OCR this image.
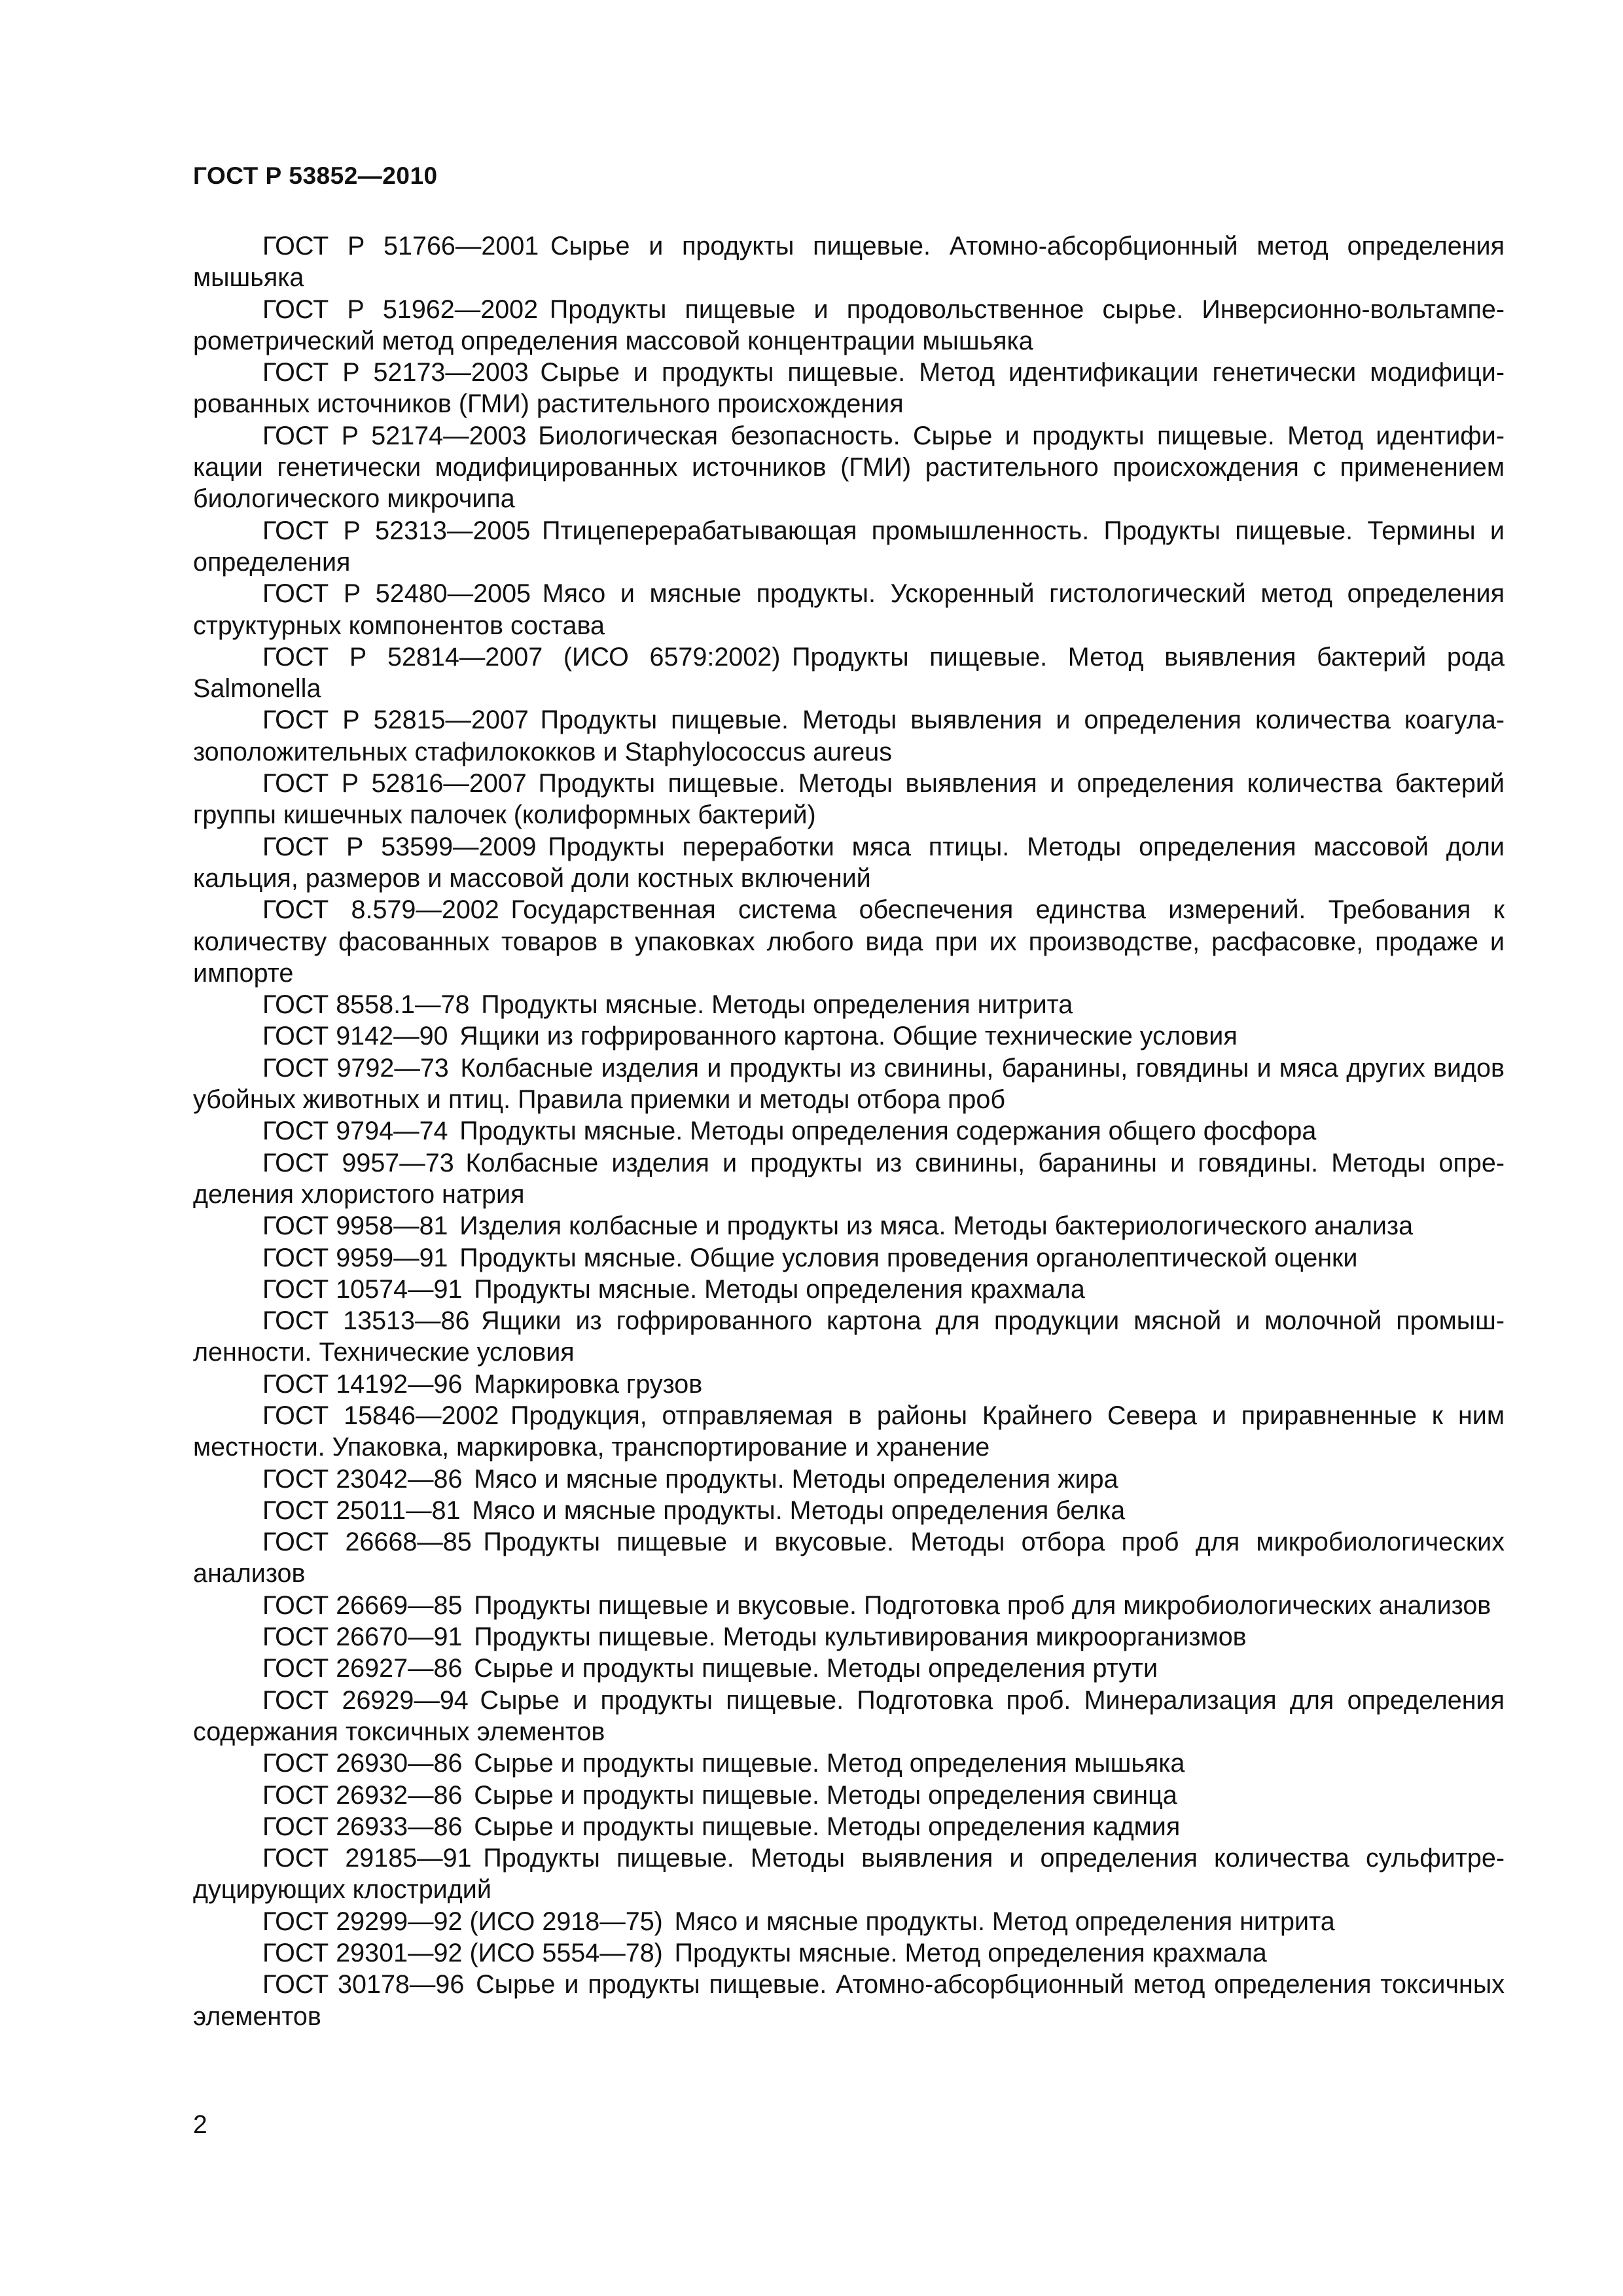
ГОСТ Р 53852—2010
ГОСТ Р 51766—2001 Сырье и продукты пищевые. Атомно-абсорбционный метод определения мышьяка
ГОСТ Р 51962—2002 Продукты пищевые и продовольственное сырье. Инверсионно-вольтамперометрический метод определения массовой концентрации мышьяка
ГОСТ Р 52173—2003 Сырье и продукты пищевые. Метод идентификации генетически модифицированных источников (ГМИ) растительного происхождения
ГОСТ Р 52174—2003 Биологическая безопасность. Сырье и продукты пищевые. Метод идентификации генетически модифицированных источников (ГМИ) растительного происхождения с применением биологического микрочипа
ГОСТ Р 52313—2005 Птицеперерабатывающая промышленность. Продукты пищевые. Термины и определения
ГОСТ Р 52480—2005 Мясо и мясные продукты. Ускоренный гистологический метод определения структурных компонентов состава
ГОСТ Р 52814—2007 (ИСО 6579:2002) Продукты пищевые. Метод выявления бактерий рода Salmonella
ГОСТ Р 52815—2007 Продукты пищевые. Методы выявления и определения количества коагулазоположительных стафилококков и Staphylococcus aureus
ГОСТ Р 52816—2007 Продукты пищевые. Методы выявления и определения количества бактерий группы кишечных палочек (колиформных бактерий)
ГОСТ Р 53599—2009 Продукты переработки мяса птицы. Методы определения массовой доли кальция, размеров и массовой доли костных включений
ГОСТ 8.579—2002 Государственная система обеспечения единства измерений. Требования к количеству фасованных товаров в упаковках любого вида при их производстве, расфасовке, продаже и импорте
ГОСТ 8558.1—78 Продукты мясные. Методы определения нитрита
ГОСТ 9142—90 Ящики из гофрированного картона. Общие технические условия
ГОСТ 9792—73 Колбасные изделия и продукты из свинины, баранины, говядины и мяса других видов убойных животных и птиц. Правила приемки и методы отбора проб
ГОСТ 9794—74 Продукты мясные. Методы определения содержания общего фосфора
ГОСТ 9957—73 Колбасные изделия и продукты из свинины, баранины и говядины. Методы определения хлористого натрия
ГОСТ 9958—81 Изделия колбасные и продукты из мяса. Методы бактериологического анализа
ГОСТ 9959—91 Продукты мясные. Общие условия проведения органолептической оценки
ГОСТ 10574—91 Продукты мясные. Методы определения крахмала
ГОСТ 13513—86 Ящики из гофрированного картона для продукции мясной и молочной промышленности. Технические условия
ГОСТ 14192—96 Маркировка грузов
ГОСТ 15846—2002 Продукция, отправляемая в районы Крайнего Севера и приравненные к ним местности. Упаковка, маркировка, транспортирование и хранение
ГОСТ 23042—86 Мясо и мясные продукты. Методы определения жира
ГОСТ 25011—81 Мясо и мясные продукты. Методы определения белка
ГОСТ 26668—85 Продукты пищевые и вкусовые. Методы отбора проб для микробиологических анализов
ГОСТ 26669—85 Продукты пищевые и вкусовые. Подготовка проб для микробиологических анализов
ГОСТ 26670—91 Продукты пищевые. Методы культивирования микроорганизмов
ГОСТ 26927—86 Сырье и продукты пищевые. Методы определения ртути
ГОСТ 26929—94 Сырье и продукты пищевые. Подготовка проб. Минерализация для определения содержания токсичных элементов
ГОСТ 26930—86 Сырье и продукты пищевые. Метод определения мышьяка
ГОСТ 26932—86 Сырье и продукты пищевые. Методы определения свинца
ГОСТ 26933—86 Сырье и продукты пищевые. Методы определения кадмия
ГОСТ 29185—91 Продукты пищевые. Методы выявления и определения количества сульфитредуцирующих клостридий
ГОСТ 29299—92 (ИСО 2918—75) Мясо и мясные продукты. Метод определения нитрита
ГОСТ 29301—92 (ИСО 5554—78) Продукты мясные. Метод определения крахмала
ГОСТ 30178—96 Сырье и продукты пищевые. Атомно-абсорбционный метод определения токсичных элементов

2
